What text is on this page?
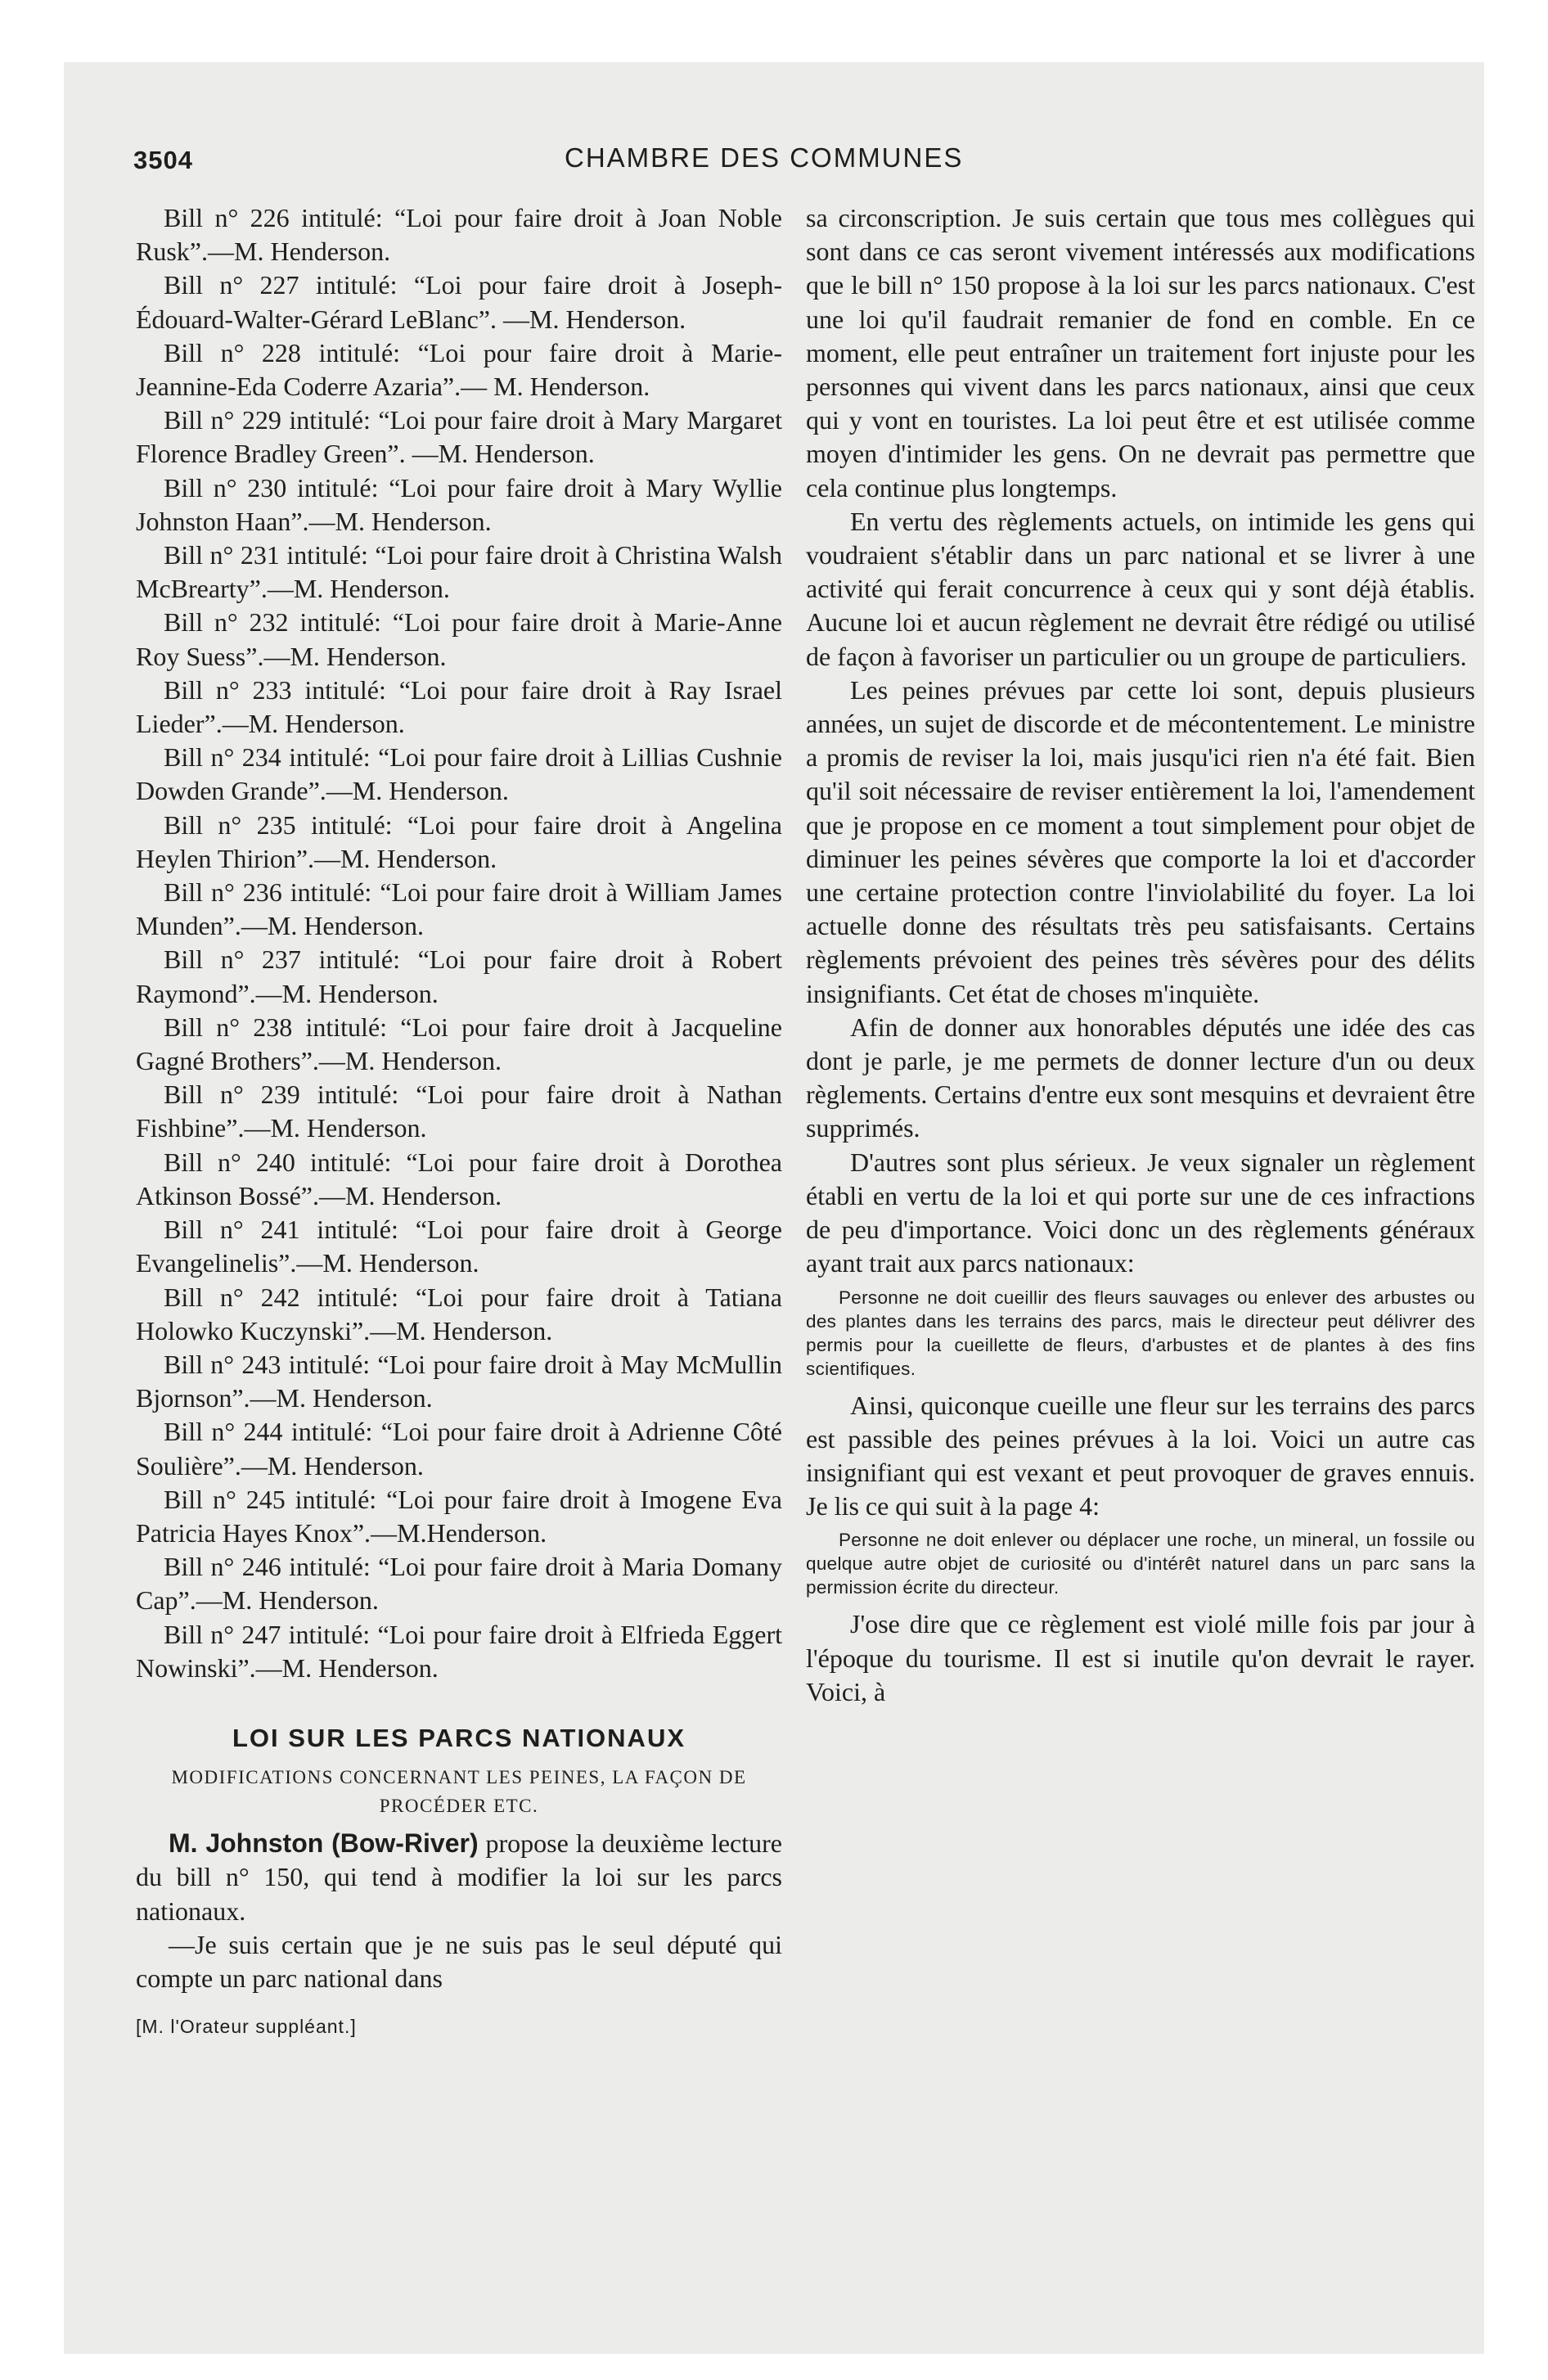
3504	CHAMBRE DES COMMUNES

Bill n° 226 intitulé: “Loi pour faire droit à Joan Noble Rusk”.—M. Henderson.

Bill n° 227 intitulé: “Loi pour faire droit à Joseph-Édouard-Walter-Gérard LeBlanc”. —M. Henderson.

Bill n° 228 intitulé: “Loi pour faire droit à Marie-Jeannine-Eda Coderre Azaria”.— M. Henderson.

Bill n° 229 intitulé: “Loi pour faire droit à Mary Margaret Florence Bradley Green”. —M. Henderson.

Bill n° 230 intitulé: “Loi pour faire droit à Mary Wyllie Johnston Haan”.—M. Henderson.

Bill n° 231 intitulé: “Loi pour faire droit à Christina Walsh McBrearty”.—M. Henderson.

Bill n° 232 intitulé: “Loi pour faire droit à Marie-Anne Roy Suess”.—M. Henderson.

Bill n° 233 intitulé: “Loi pour faire droit à Ray Israel Lieder”.—M. Henderson.

Bill n° 234 intitulé: “Loi pour faire droit à Lillias Cushnie Dowden Grande”.—M. Henderson.

Bill n° 235 intitulé: “Loi pour faire droit à Angelina Heylen Thirion”.—M. Henderson.

Bill n° 236 intitulé: “Loi pour faire droit à William James Munden”.—M. Henderson.

Bill n° 237 intitulé: “Loi pour faire droit à Robert Raymond”.—M. Henderson.

Bill n° 238 intitulé: “Loi pour faire droit à Jacqueline Gagné Brothers”.—M. Henderson.

Bill n° 239 intitulé: “Loi pour faire droit à Nathan Fishbine”.—M. Henderson.

Bill n° 240 intitulé: “Loi pour faire droit à Dorothea Atkinson Bossé”.—M. Henderson.

Bill n° 241 intitulé: “Loi pour faire droit à George Evangelinelis”.—M. Henderson.

Bill n° 242 intitulé: “Loi pour faire droit à Tatiana Holowko Kuczynski”.—M. Henderson.

Bill n° 243 intitulé: “Loi pour faire droit à May McMullin Bjornson”.—M. Henderson.

Bill n° 244 intitulé: “Loi pour faire droit à Adrienne Côté Soulière”.—M. Henderson.

Bill n° 245 intitulé: “Loi pour faire droit à Imogene Eva Patricia Hayes Knox”.—M.Henderson.

Bill n° 246 intitulé: “Loi pour faire droit à Maria Domany Cap”.—M. Henderson.

Bill n° 247 intitulé: “Loi pour faire droit à Elfrieda Eggert Nowinski”.—M. Henderson.

LOI SUR LES PARCS NATIONAUX

MODIFICATIONS CONCERNANT LES PEINES, LA FAÇON DE PROCÉDER ETC.

M. Johnston (Bow-River) propose la deuxième lecture du bill n° 150, qui tend à modifier la loi sur les parcs nationaux.

—Je suis certain que je ne suis pas le seul député qui compte un parc national dans

[M. l'Orateur suppléant.]

sa circonscription. Je suis certain que tous mes collègues qui sont dans ce cas seront vivement intéressés aux modifications que le bill n° 150 propose à la loi sur les parcs nationaux. C'est une loi qu'il faudrait remanier de fond en comble. En ce moment, elle peut entraîner un traitement fort injuste pour les personnes qui vivent dans les parcs nationaux, ainsi que ceux qui y vont en touristes. La loi peut être et est utilisée comme moyen d'intimider les gens. On ne devrait pas permettre que cela continue plus longtemps.

En vertu des règlements actuels, on intimide les gens qui voudraient s'établir dans un parc national et se livrer à une activité qui ferait concurrence à ceux qui y sont déjà établis. Aucune loi et aucun règlement ne devrait être rédigé ou utilisé de façon à favoriser un particulier ou un groupe de particuliers.

Les peines prévues par cette loi sont, depuis plusieurs années, un sujet de discorde et de mécontentement. Le ministre a promis de reviser la loi, mais jusqu'ici rien n'a été fait. Bien qu'il soit nécessaire de reviser entièrement la loi, l'amendement que je propose en ce moment a tout simplement pour objet de diminuer les peines sévères que comporte la loi et d'accorder une certaine protection contre l'inviolabilité du foyer. La loi actuelle donne des résultats très peu satisfaisants. Certains règlements prévoient des peines très sévères pour des délits insignifiants. Cet état de choses m'inquiète.

Afin de donner aux honorables députés une idée des cas dont je parle, je me permets de donner lecture d'un ou deux règlements. Certains d'entre eux sont mesquins et devraient être supprimés.

D'autres sont plus sérieux. Je veux signaler un règlement établi en vertu de la loi et qui porte sur une de ces infractions de peu d'importance. Voici donc un des règlements généraux ayant trait aux parcs nationaux:

Personne ne doit cueillir des fleurs sauvages ou enlever des arbustes ou des plantes dans les terrains des parcs, mais le directeur peut délivrer des permis pour la cueillette de fleurs, d'arbustes et de plantes à des fins scientifiques.

Ainsi, quiconque cueille une fleur sur les terrains des parcs est passible des peines prévues à la loi. Voici un autre cas insignifiant qui est vexant et peut provoquer de graves ennuis. Je lis ce qui suit à la page 4:

Personne ne doit enlever ou déplacer une roche, un mineral, un fossile ou quelque autre objet de curiosité ou d'intérêt naturel dans un parc sans la permission écrite du directeur.

J'ose dire que ce règlement est violé mille fois par jour à l'époque du tourisme. Il est si inutile qu'on devrait le rayer. Voici, à
